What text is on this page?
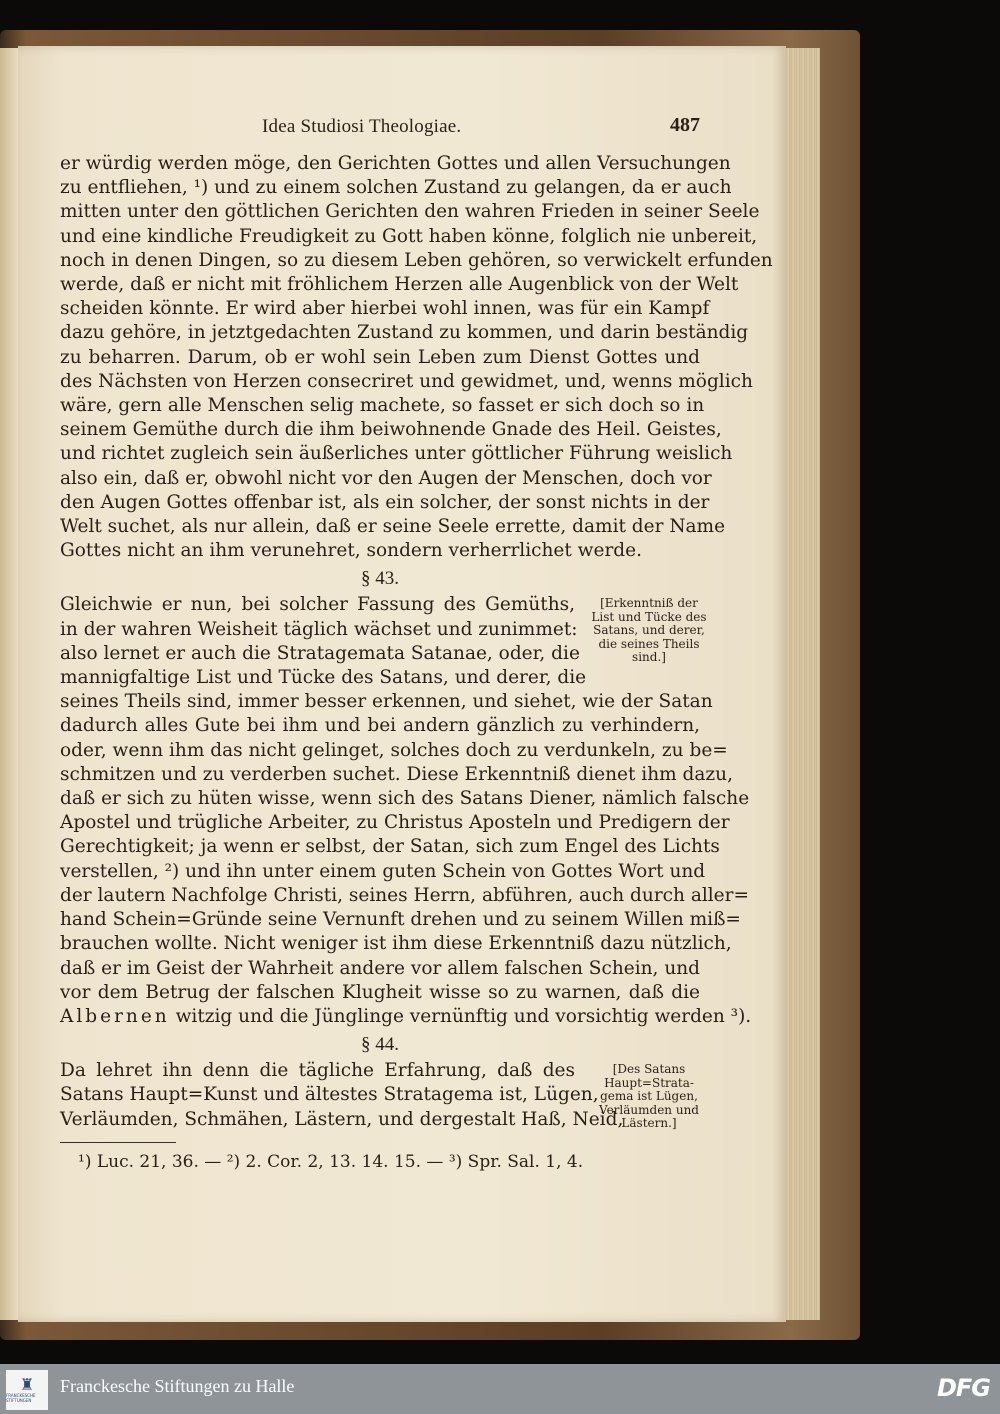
Idea Studiosi Theologiae.	487

er würdig werden möge, den Gerichten Gottes und allen Versuchungen
zu entfliehen, ¹) und zu einem solchen Zustand zu gelangen, da er auch
mitten unter den göttlichen Gerichten den wahren Frieden in seiner Seele
und eine kindliche Freudigkeit zu Gott haben könne, folglich nie unbereit,
noch in denen Dingen, so zu diesem Leben gehören, so verwickelt erfunden
werde, daß er nicht mit fröhlichem Herzen alle Augenblick von der Welt
scheiden könnte. Er wird aber hierbei wohl innen, was für ein Kampf
dazu gehöre, in jetztgedachten Zustand zu kommen, und darin beständig
zu beharren. Darum, ob er wohl sein Leben zum Dienst Gottes und
des Nächsten von Herzen consecriret und gewidmet, und, wenns möglich
wäre, gern alle Menschen selig machete, so fasset er sich doch so in
seinem Gemüthe durch die ihm beiwohnende Gnade des Heil. Geistes,
und richtet zugleich sein äußerliches unter göttlicher Führung weislich
also ein, daß er, obwohl nicht vor den Augen der Menschen, doch vor
den Augen Gottes offenbar ist, als ein solcher, der sonst nichts in der
Welt suchet, als nur allein, daß er seine Seele errette, damit der Name
Gottes nicht an ihm verunehret, sondern verherrlichet werde.

§ 43.

Gleichwie er nun, bei solcher Fassung des Gemüths,
in der wahren Weisheit täglich wächset und zunimmet:
also lernet er auch die Stratagemata Satanae, oder, die
mannigfaltige List und Tücke des Satans, und derer, die

[Erkenntniß der List und Tücke des Satans, und derer, die seines Theils sind.]

seines Theils sind, immer besser erkennen, und siehet, wie der Satan
dadurch alles Gute bei ihm und bei andern gänzlich zu verhindern,
oder, wenn ihm das nicht gelinget, solches doch zu verdunkeln, zu be=
schmitzen und zu verderben suchet. Diese Erkenntniß dienet ihm dazu,
daß er sich zu hüten wisse, wenn sich des Satans Diener, nämlich falsche
Apostel und trügliche Arbeiter, zu Christus Aposteln und Predigern der
Gerechtigkeit; ja wenn er selbst, der Satan, sich zum Engel des Lichts
verstellen, ²) und ihn unter einem guten Schein von Gottes Wort und
der lautern Nachfolge Christi, seines Herrn, abführen, auch durch aller=
hand Schein=Gründe seine Vernunft drehen und zu seinem Willen miß=
brauchen wollte. Nicht weniger ist ihm diese Erkenntniß dazu nützlich,
daß er im Geist der Wahrheit andere vor allem falschen Schein, und
vor dem Betrug der falschen Klugheit wisse so zu warnen, daß die

Albernen witzig und die Jünglinge vernünftig und vorsichtig werden ³).

§ 44.

Da lehret ihn denn die tägliche Erfahrung, daß des
Satans Haupt=Kunst und ältestes Stratagema ist, Lügen,
Verläumden, Schmähen, Lästern, und dergestalt Haß, Neid,

[Des Satans Haupt=Strata-gema ist Lügen, Verläumden und Lästern.]
¹) Luc. 21, 36. — ²) 2. Cor. 2, 13. 14. 15. — ³) Spr. Sal. 1, 4.
♜
FRANCKESCHE STIFTUNGEN
Franckesche Stiftungen zu Halle	DFG
